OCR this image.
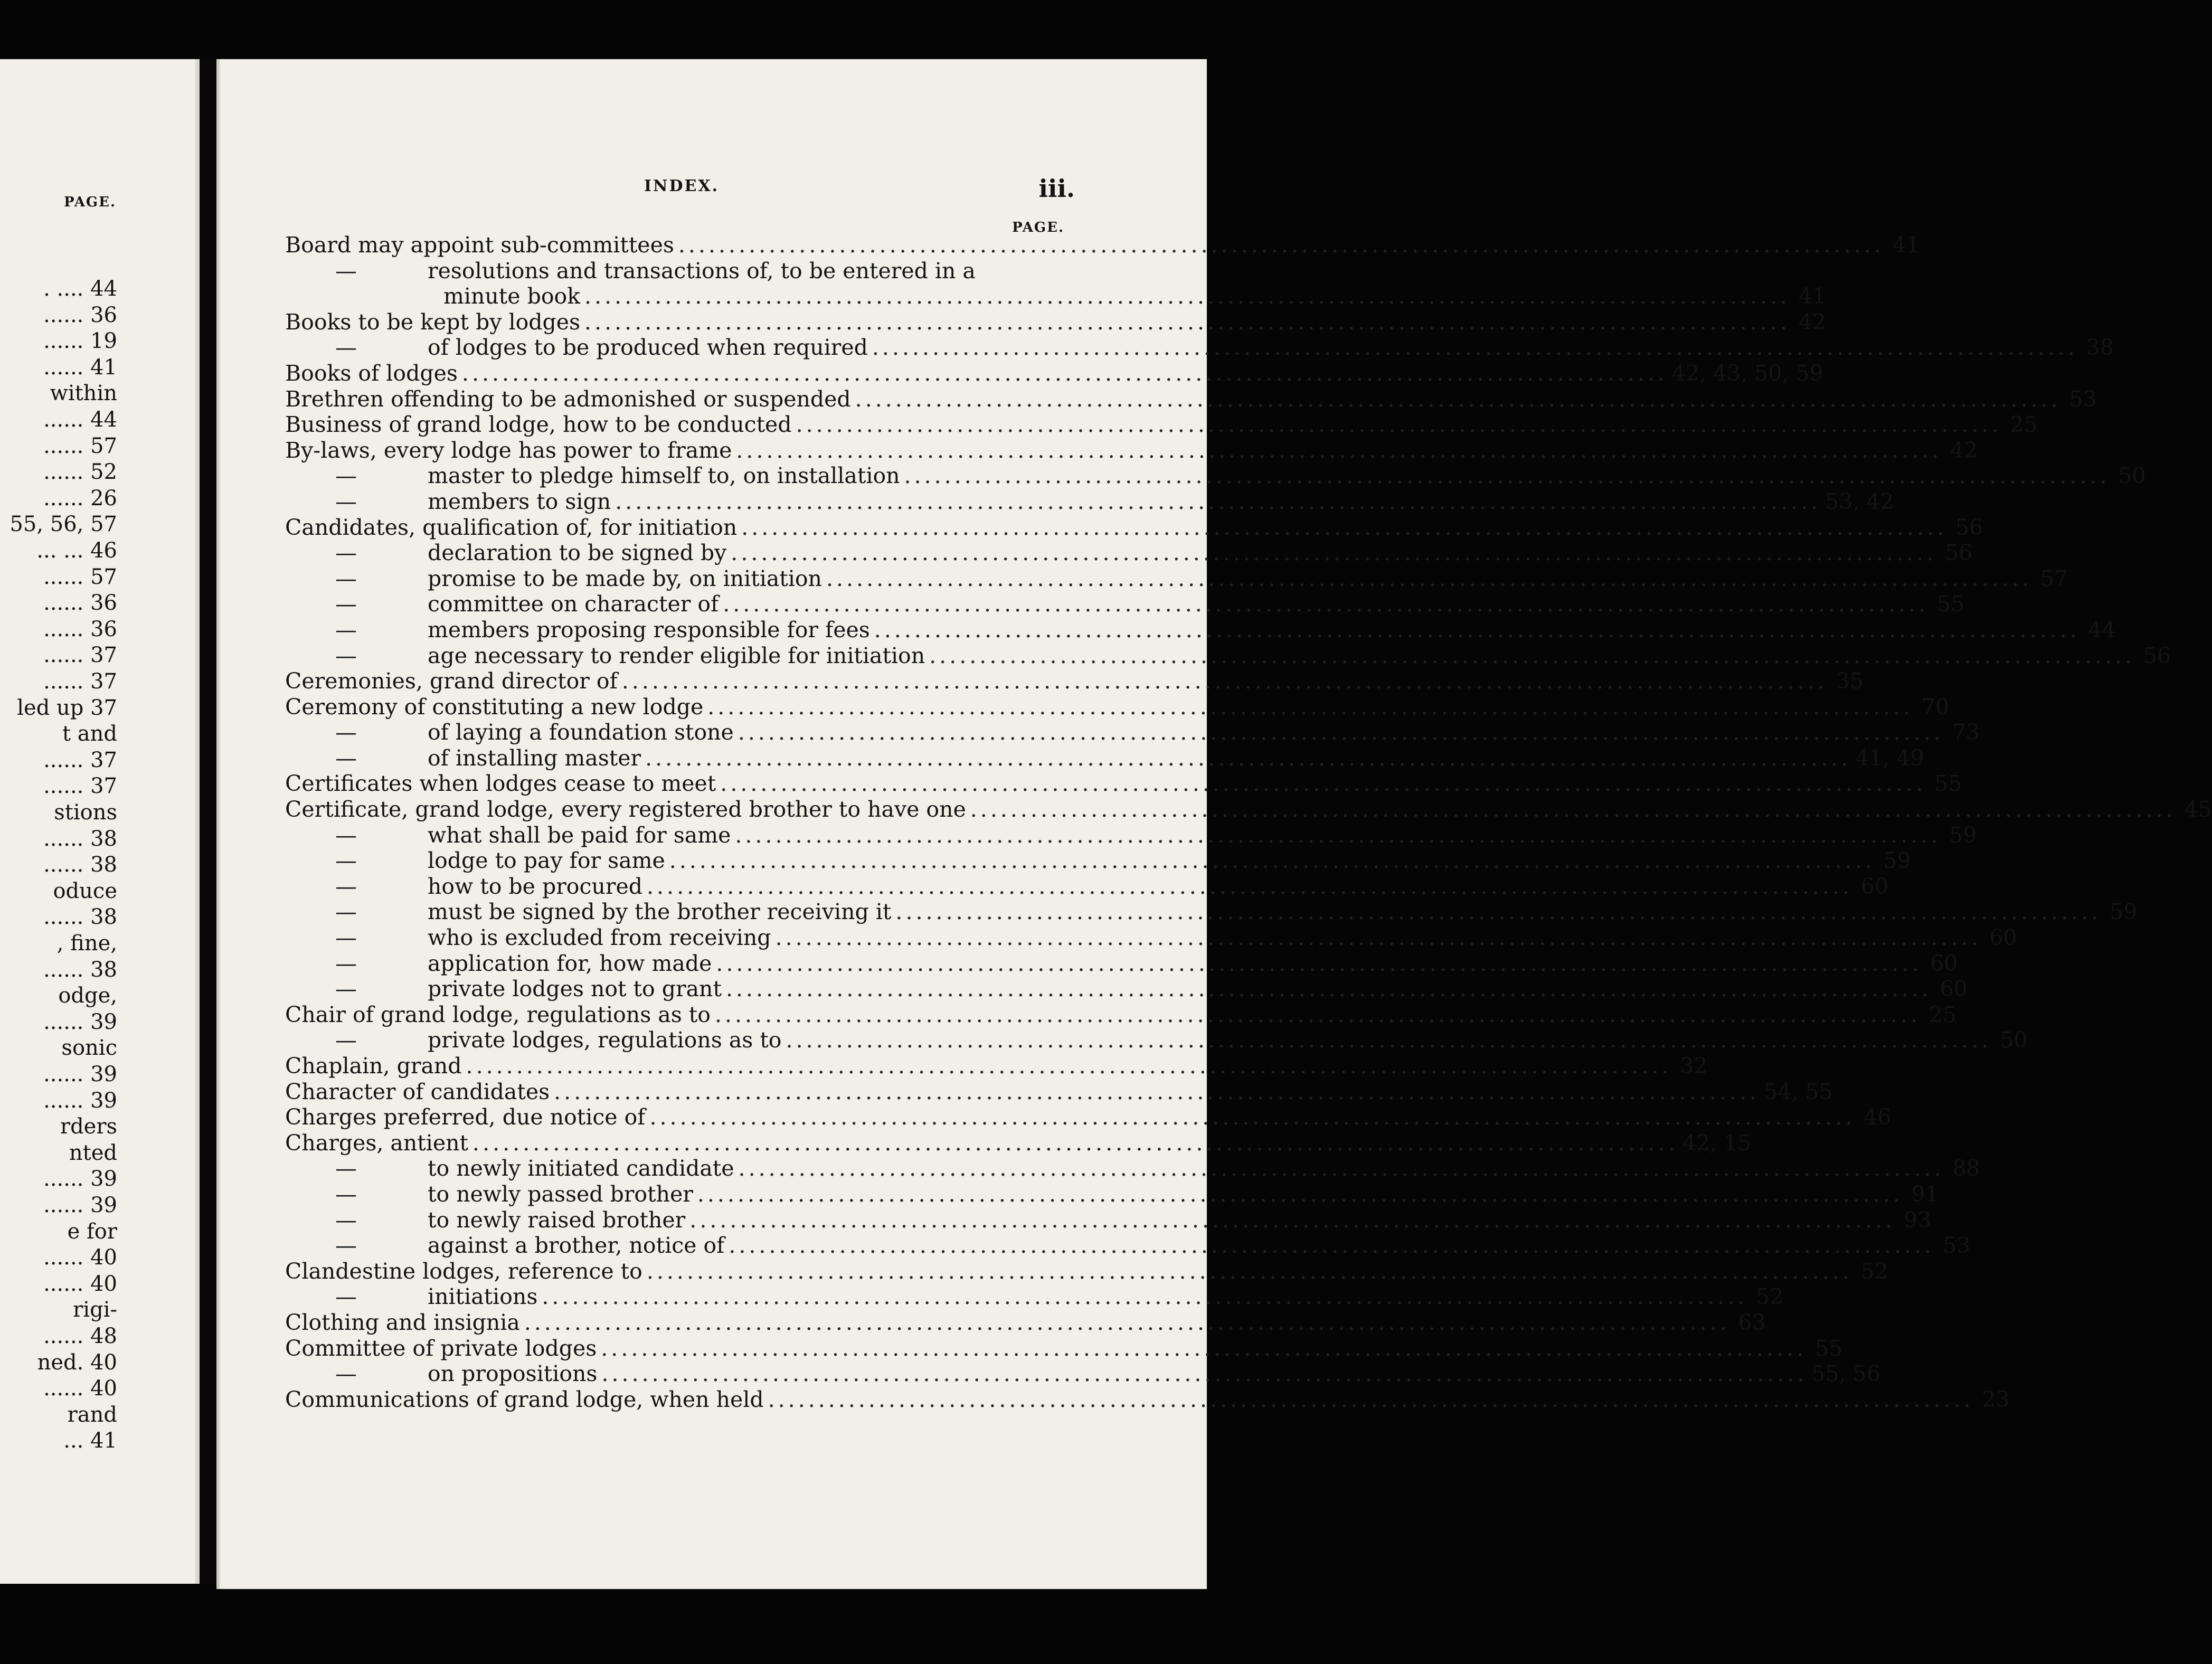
PAGE.
. .... 44
...... 36
...... 19
...... 41
within
...... 44
...... 57
...... 52
...... 26
55, 56, 57
... ... 46
...... 57
...... 36
...... 36
...... 37
...... 37
led up 37
t and
...... 37
...... 37
stions
...... 38
...... 38
oduce
...... 38
, fine,
...... 38
odge,
...... 39
sonic
...... 39
...... 39
rders
nted
...... 39
...... 39
e for
...... 40
...... 40
rigi-
...... 48
ned. 40
...... 40
rand
... 41
INDEX.	iii.
PAGE.
Board may appoint sub-committees ........................................................................................................................ 41
—	resolutions and transactions of, to be entered in a
minute book ........................................................................................................................ 41
Books to be kept by lodges ........................................................................................................................ 42
—	of lodges to be produced when required ........................................................................................................................ 38
Books of lodges ........................................................................................................................ 42, 43, 50, 59
Brethren offending to be admonished or suspended ........................................................................................................................ 53
Business of grand lodge, how to be conducted ........................................................................................................................ 25
By-laws, every lodge has power to frame ........................................................................................................................ 42
—	master to pledge himself to, on installation ........................................................................................................................ 50
—	members to sign ........................................................................................................................ 53, 42
Candidates, qualification of, for initiation ........................................................................................................................ 56
—	declaration to be signed by ........................................................................................................................ 56
—	promise to be made by, on initiation ........................................................................................................................ 57
—	committee on character of ........................................................................................................................ 55
—	members proposing responsible for fees ........................................................................................................................ 44
—	age necessary to render eligible for initiation ........................................................................................................................ 56
Ceremonies, grand director of ........................................................................................................................ 35
Ceremony of constituting a new lodge ........................................................................................................................ 70
—	of laying a foundation stone ........................................................................................................................ 73
—	of installing master ........................................................................................................................ 41, 49
Certificates when lodges cease to meet ........................................................................................................................ 55
Certificate, grand lodge, every registered brother to have one ........................................................................................................................ 45
—	what shall be paid for same ........................................................................................................................ 59
—	lodge to pay for same ........................................................................................................................ 59
—	how to be procured ........................................................................................................................ 60
—	must be signed by the brother receiving it ........................................................................................................................ 59
—	who is excluded from receiving ........................................................................................................................ 60
—	application for, how made ........................................................................................................................ 60
—	private lodges not to grant ........................................................................................................................ 60
Chair of grand lodge, regulations as to ........................................................................................................................ 25
—	private lodges, regulations as to ........................................................................................................................ 50
Chaplain, grand ........................................................................................................................ 32
Character of candidates ........................................................................................................................ 54, 55
Charges preferred, due notice of ........................................................................................................................ 46
Charges, antient ........................................................................................................................ 42, 15
—	to newly initiated candidate ........................................................................................................................ 88
—	to newly passed brother ........................................................................................................................ 91
—	to newly raised brother ........................................................................................................................ 93
—	against a brother, notice of ........................................................................................................................ 53
Clandestine lodges, reference to ........................................................................................................................ 52
—	initiations ........................................................................................................................ 52
Clothing and insignia ........................................................................................................................ 63
Committee of private lodges ........................................................................................................................ 55
—	on propositions ........................................................................................................................ 55, 56
Communications of grand lodge, when held ........................................................................................................................ 23
